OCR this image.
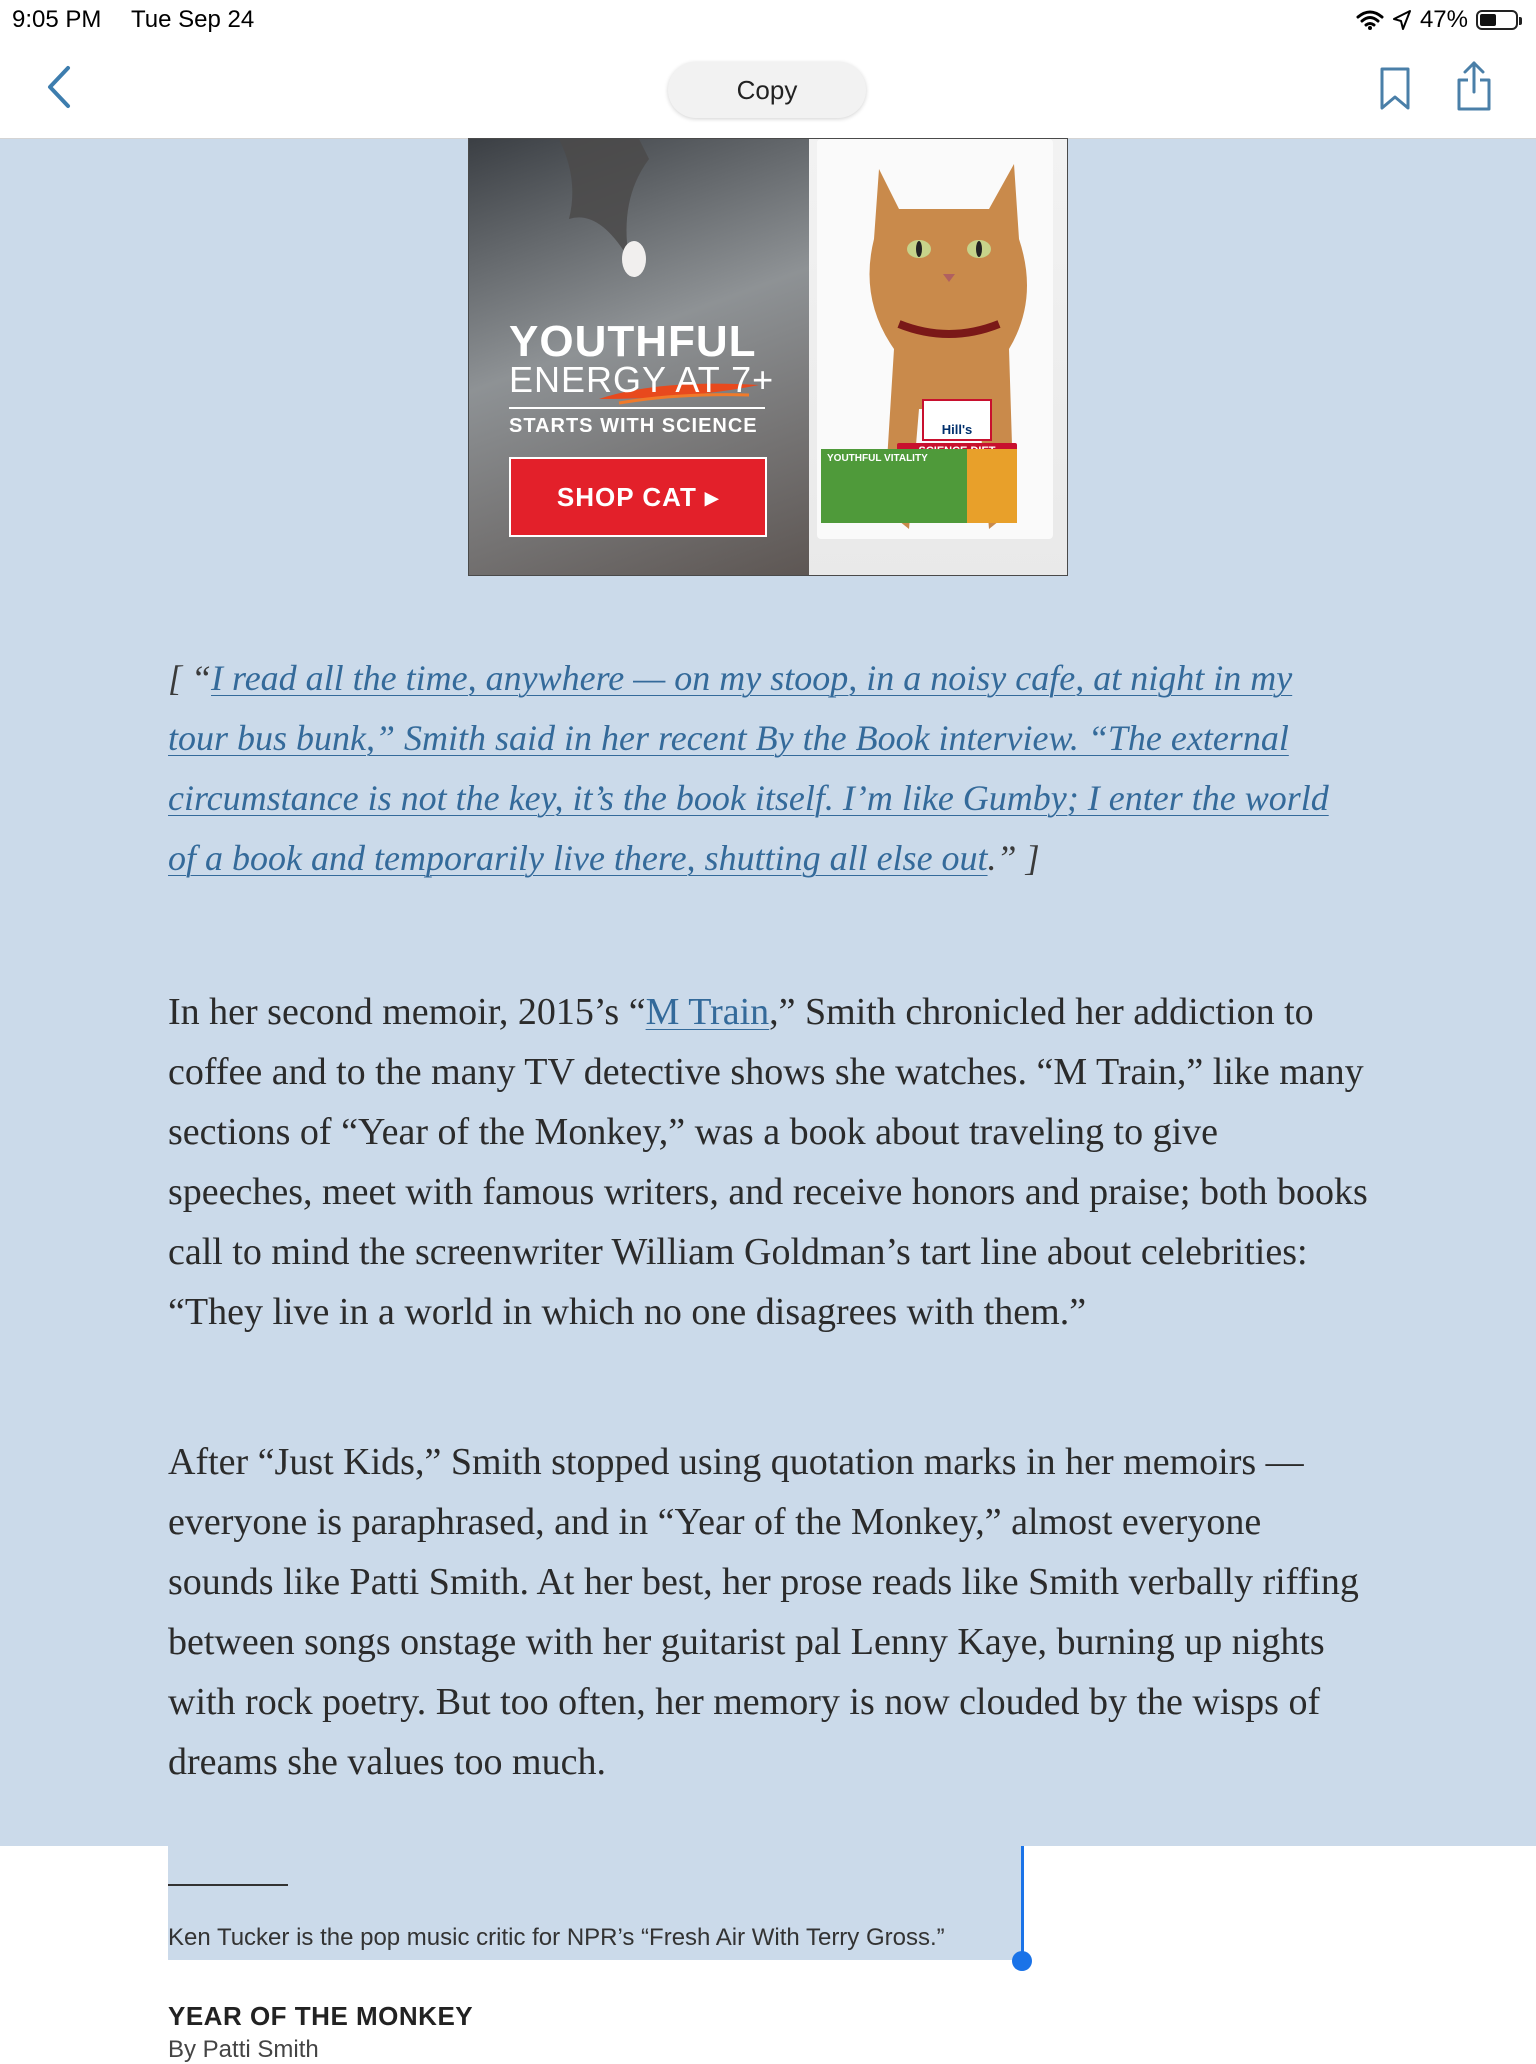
9:05 PM Tue Sep 24	47%
Copy
YOUTHFUL
ENERGY AT 7+
STARTS WITH SCIENCE
SHOP CAT ▸
Hill's
YOUTHFUL VITALITY
[ “I read all the time, anywhere — on my stoop, in a noisy cafe, at night in my tour bus bunk,” Smith said in her recent By the Book interview. “The external circumstance is not the key, it’s the book itself. I’m like Gumby; I enter the world of a book and temporarily live there, shutting all else out.” ]

In her second memoir, 2015’s “M Train,” Smith chronicled her addiction to coffee and to the many TV detective shows she watches. “M Train,” like many sections of “Year of the Monkey,” was a book about traveling to give speeches, meet with famous writers, and receive honors and praise; both books call to mind the screenwriter William Goldman’s tart line about celebrities: “They live in a world in which no one disagrees with them.”

After “Just Kids,” Smith stopped using quotation marks in her memoirs — everyone is paraphrased, and in “Year of the Monkey,” almost everyone sounds like Patti Smith. At her best, her prose reads like Smith verbally riffing between songs onstage with her guitarist pal Lenny Kaye, burning up nights with rock poetry. But too often, her memory is now clouded by the wisps of dreams she values too much.

Ken Tucker is the pop music critic for NPR’s “Fresh Air With Terry Gross.”
YEAR OF THE MONKEY
By Patti Smith
